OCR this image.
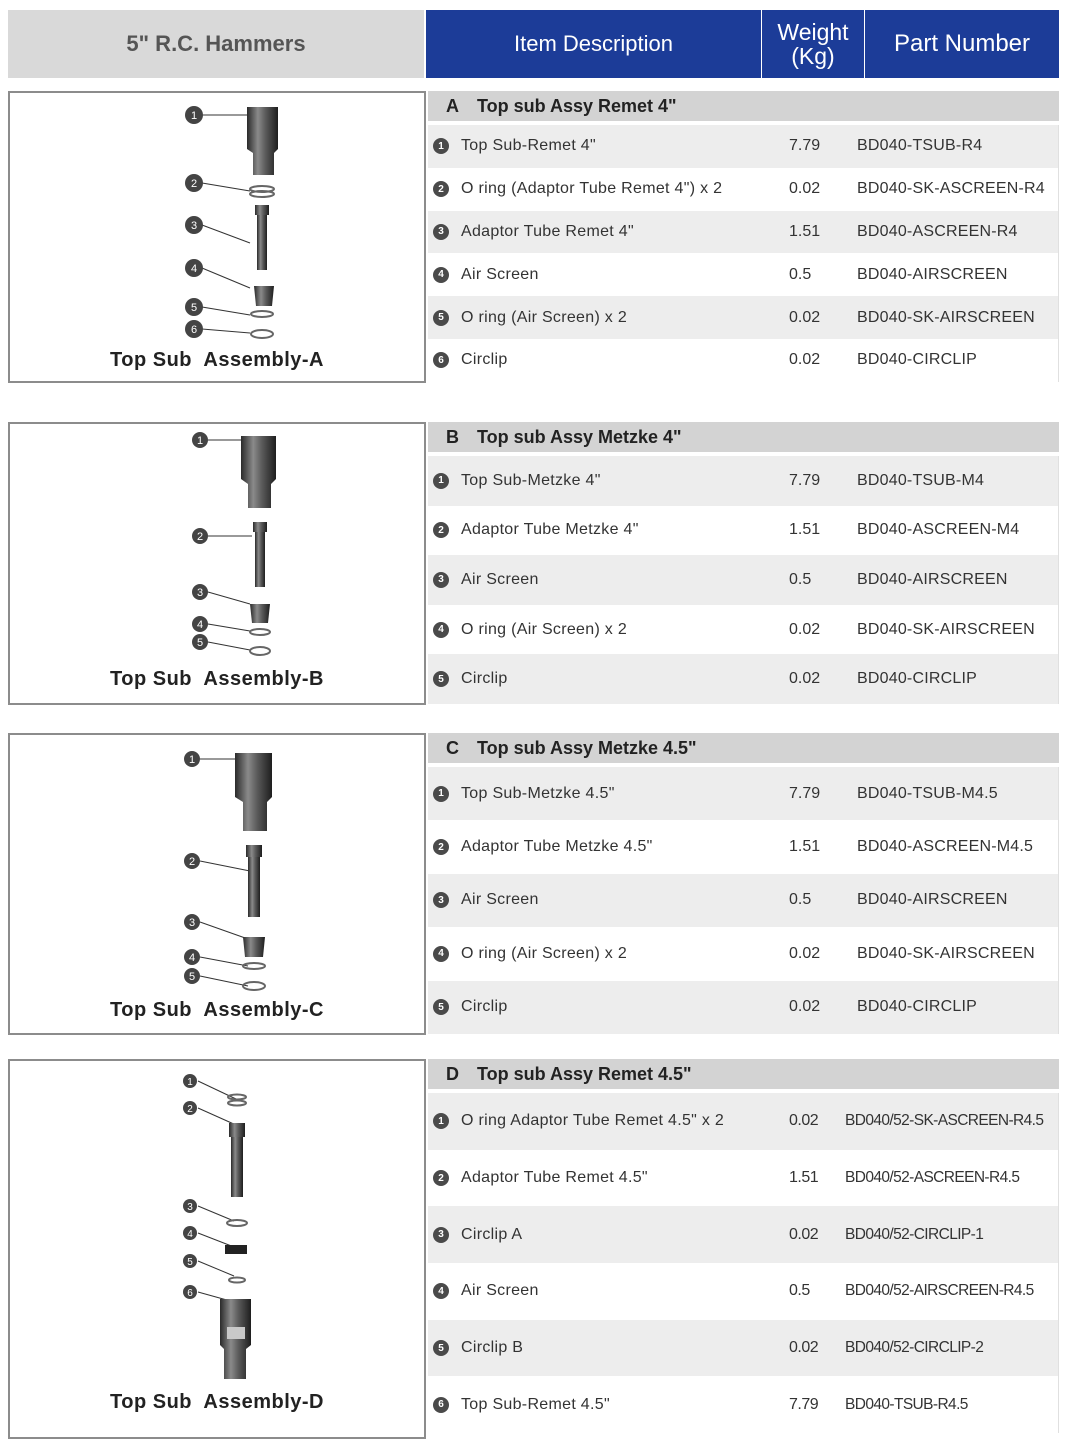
5" R.C. Hammers	Item Description	Weight
(Kg)	Part Number
1
2
3
4
5
6
Top Sub  Assembly-A
A	Top sub Assy Remet 4"
1	Top Sub-Remet 4"	7.79	BD040-TSUB-R4
2	O ring (Adaptor Tube Remet 4") x 2	0.02	BD040-SK-ASCREEN-R4
3	Adaptor Tube Remet 4"	1.51	BD040-ASCREEN-R4
4	Air Screen	0.5	BD040-AIRSCREEN
5	O ring (Air Screen) x 2	0.02	BD040-SK-AIRSCREEN
6	Circlip	0.02	BD040-CIRCLIP
1
2
3
4
5
Top Sub  Assembly-B
B	Top sub Assy Metzke 4"
1	Top Sub-Metzke 4"	7.79	BD040-TSUB-M4
2	Adaptor Tube Metzke 4"	1.51	BD040-ASCREEN-M4
3	Air Screen	0.5	BD040-AIRSCREEN
4	O ring (Air Screen) x 2	0.02	BD040-SK-AIRSCREEN
5	Circlip	0.02	BD040-CIRCLIP
1
2
3
4
5
Top Sub  Assembly-C
C	Top sub Assy Metzke 4.5"
1	Top Sub-Metzke 4.5"	7.79	BD040-TSUB-M4.5
2	Adaptor Tube Metzke 4.5"	1.51	BD040-ASCREEN-M4.5
3	Air Screen	0.5	BD040-AIRSCREEN
4	O ring (Air Screen) x 2	0.02	BD040-SK-AIRSCREEN
5	Circlip	0.02	BD040-CIRCLIP
1
2
3
4
5
6
Top Sub  Assembly-D
D	Top sub Assy Remet 4.5"
1	O ring Adaptor Tube Remet 4.5" x 2	0.02	BD040/52-SK-ASCREEN-R4.5
2	Adaptor Tube Remet 4.5"	1.51	BD040/52-ASCREEN-R4.5
3	Circlip A	0.02	BD040/52-CIRCLIP-1
4	Air Screen	0.5	BD040/52-AIRSCREEN-R4.5
5	Circlip B	0.02	BD040/52-CIRCLIP-2
6	Top Sub-Remet 4.5"	7.79	BD040-TSUB-R4.5
